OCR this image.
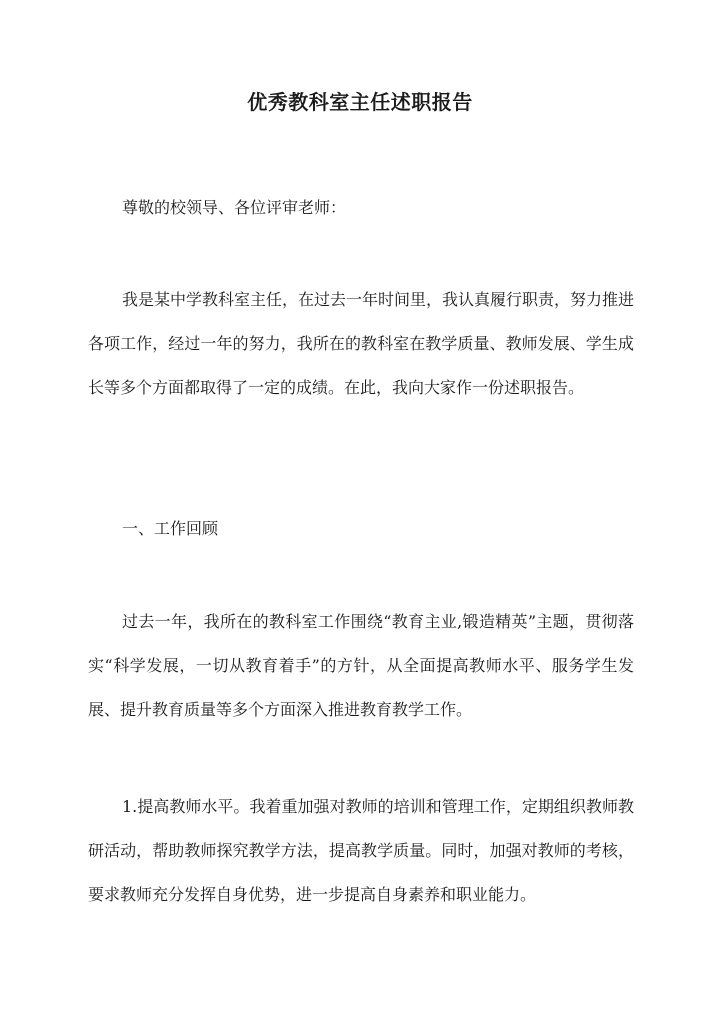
优秀教科室主任述职报告

尊敬的校领导、各位评审老师：

我是某中学教科室主任，在过去一年时间里，我认真履行职责，努力推进各项工作，经过一年的努力，我所在的教科室在教学质量、教师发展、学生成长等多个方面都取得了一定的成绩。在此，我向大家作一份述职报告。

一、工作回顾

过去一年，我所在的教科室工作围绕“教育主业,锻造精英”主题，贯彻落实“科学发展，一切从教育着手”的方针，从全面提高教师水平、服务学生发展、提升教育质量等多个方面深入推进教育教学工作。

1.提高教师水平。我着重加强对教师的培训和管理工作，定期组织教师教研活动，帮助教师探究教学方法，提高教学质量。同时，加强对教师的考核，要求教师充分发挥自身优势，进一步提高自身素养和职业能力。
